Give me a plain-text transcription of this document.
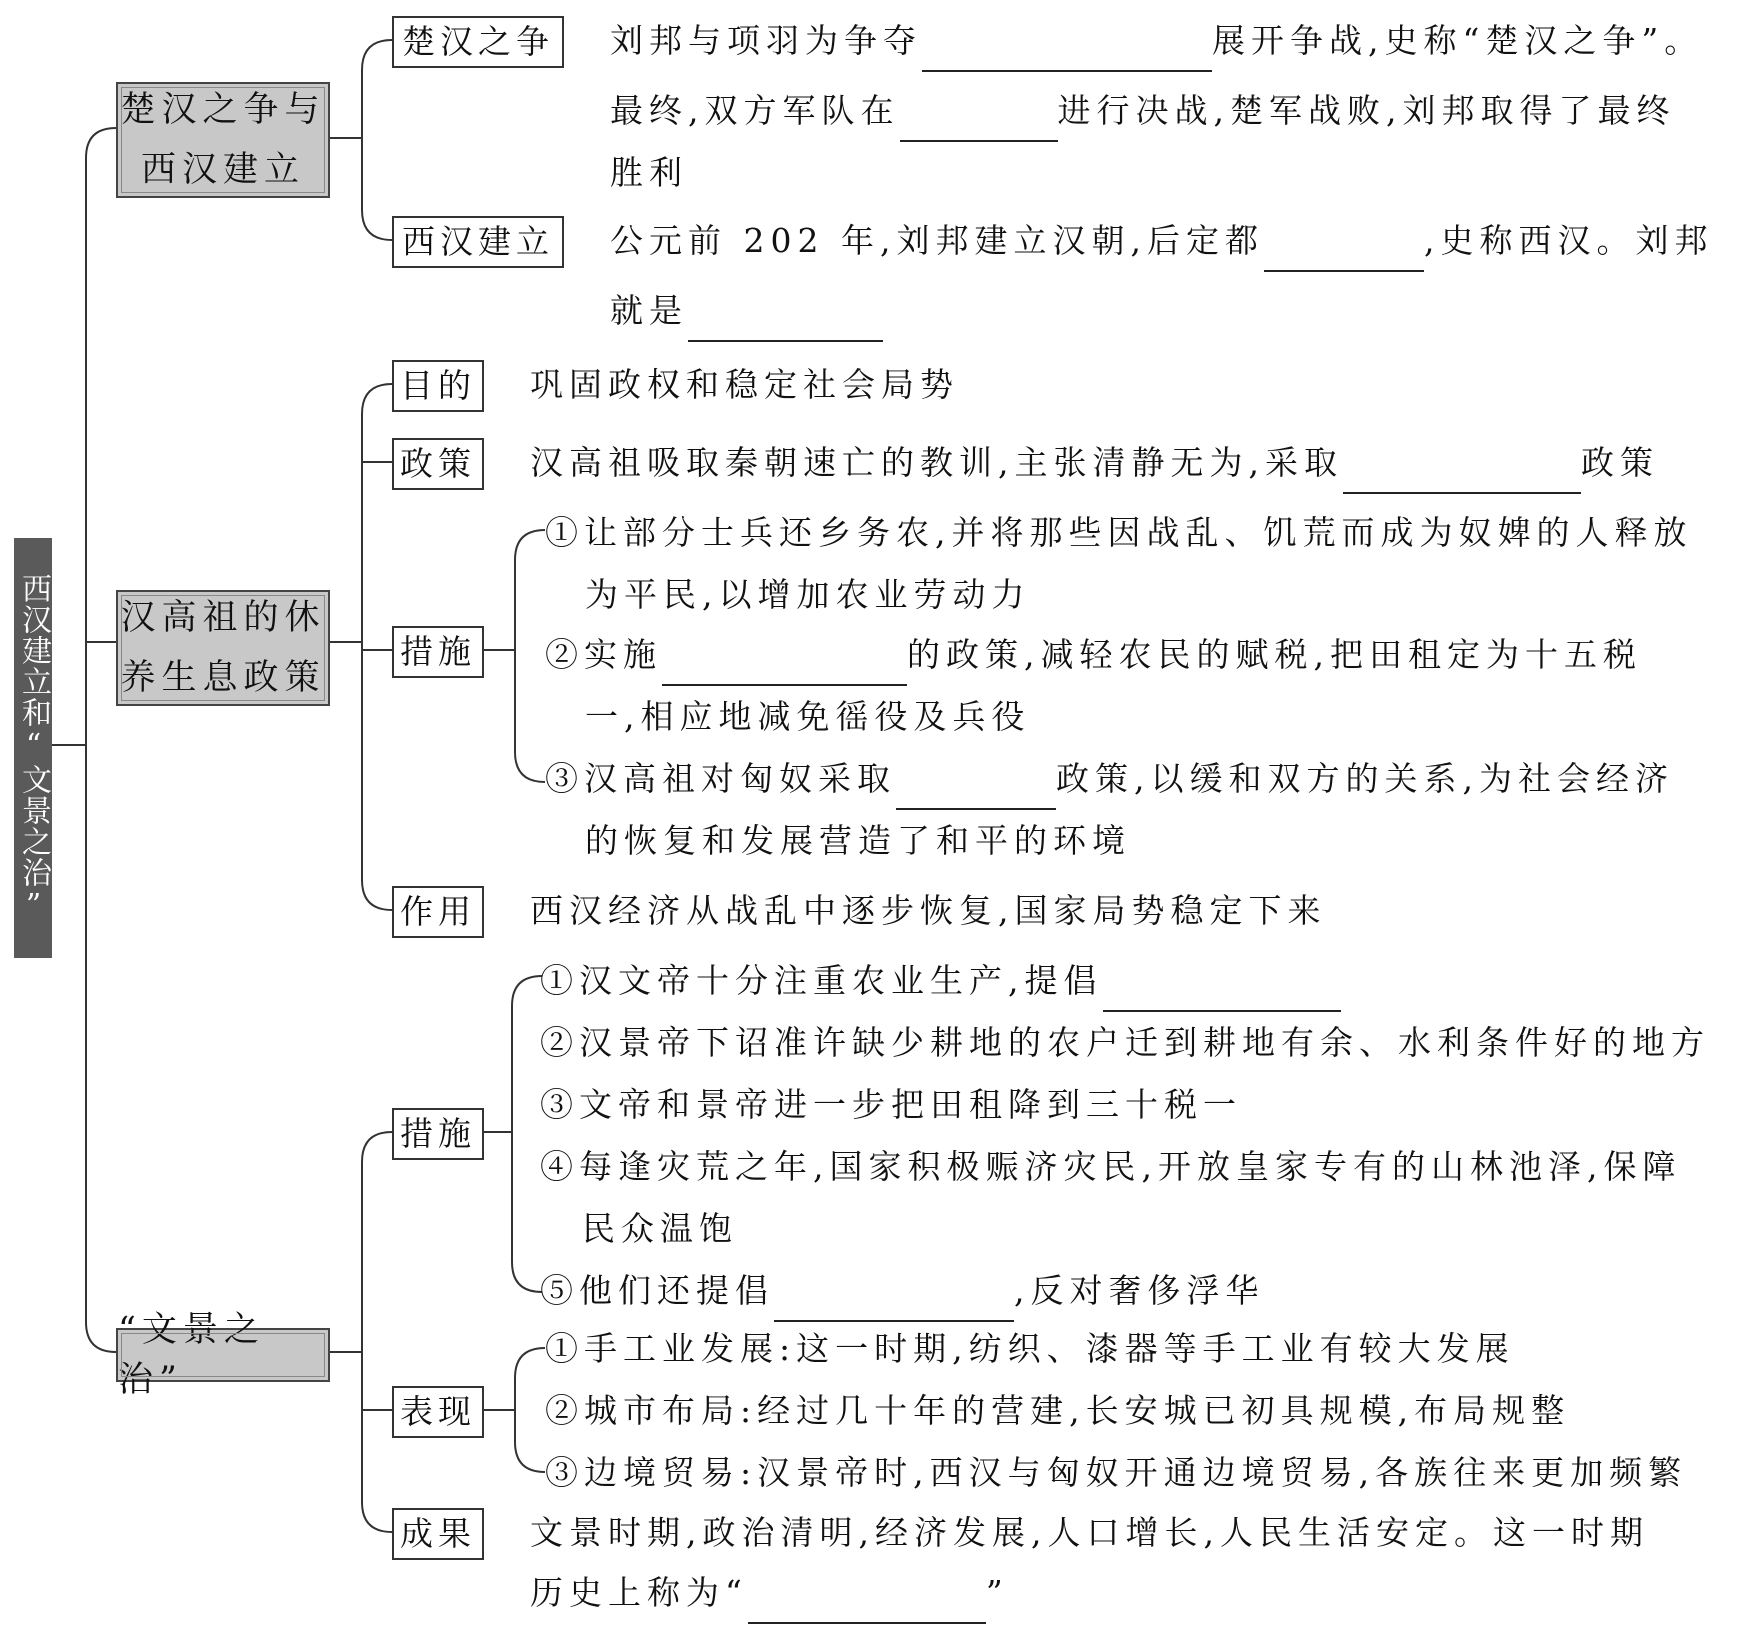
西汉建立和“文景之治”
楚汉之争与
西汉建立
汉高祖的休
养生息政策
“文景之治”
楚汉之争	刘邦与项羽为争夺	展开争战,史称“楚汉之争”。
最终,双方军队在	进行决战,楚军战败,刘邦取得了最终
胜利
西汉建立	公元前 202 年,刘邦建立汉朝,后定都	,史称西汉。刘邦
就是
目的 巩固政权和稳定社会局势
政策 汉高祖吸取秦朝速亡的教训,主张清静无为,采取	政策
措施
①让部分士兵还乡务农,并将那些因战乱、饥荒而成为奴婢的人释放
为平民,以增加农业劳动力
②实施	的政策,减轻农民的赋税,把田租定为十五税
一,相应地减免徭役及兵役
③汉高祖对匈奴采取	政策,以缓和双方的关系,为社会经济
的恢复和发展营造了和平的环境
作用 西汉经济从战乱中逐步恢复,国家局势稳定下来
措施
①汉文帝十分注重农业生产,提倡
②汉景帝下诏准许缺少耕地的农户迁到耕地有余、水利条件好的地方
③文帝和景帝进一步把田租降到三十税一
④每逢灾荒之年,国家积极赈济灾民,开放皇家专有的山林池泽,保障
民众温饱
⑤他们还提倡	,反对奢侈浮华
表现
①手工业发展:这一时期,纺织、漆器等手工业有较大发展
②城市布局:经过几十年的营建,长安城已初具规模,布局规整
③边境贸易:汉景帝时,西汉与匈奴开通边境贸易,各族往来更加频繁
成果 文景时期,政治清明,经济发展,人口增长,人民生活安定。这一时期
历史上称为“	”
